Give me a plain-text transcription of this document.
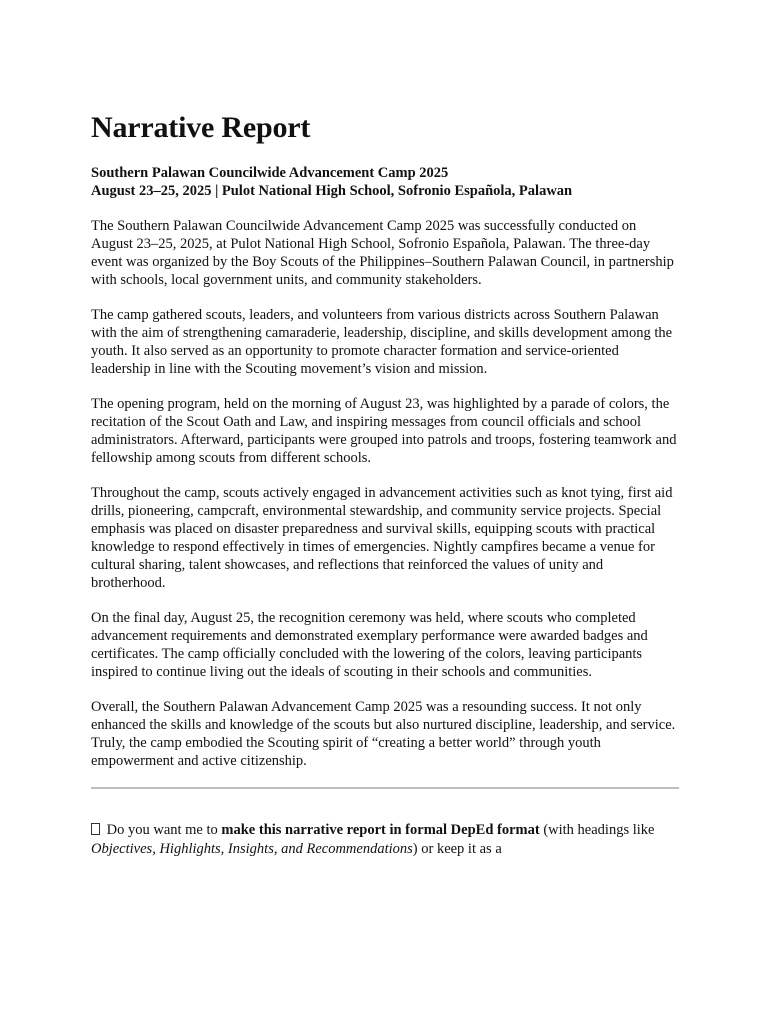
Narrative Report
Southern Palawan Councilwide Advancement Camp 2025
August 23–25, 2025 | Pulot National High School, Sofronio Española, Palawan

The Southern Palawan Councilwide Advancement Camp 2025 was successfully conducted on August 23–25, 2025, at Pulot National High School, Sofronio Española, Palawan. The three-day event was organized by the Boy Scouts of the Philippines–Southern Palawan Council, in partnership with schools, local government units, and community stakeholders.

The camp gathered scouts, leaders, and volunteers from various districts across Southern Palawan with the aim of strengthening camaraderie, leadership, discipline, and skills development among the youth. It also served as an opportunity to promote character formation and service-oriented leadership in line with the Scouting movement’s vision and mission.

The opening program, held on the morning of August 23, was highlighted by a parade of colors, the recitation of the Scout Oath and Law, and inspiring messages from council officials and school administrators. Afterward, participants were grouped into patrols and troops, fostering teamwork and fellowship among scouts from different schools.

Throughout the camp, scouts actively engaged in advancement activities such as knot tying, first aid drills, pioneering, campcraft, environmental stewardship, and community service projects. Special emphasis was placed on disaster preparedness and survival skills, equipping scouts with practical knowledge to respond effectively in times of emergencies. Nightly campfires became a venue for cultural sharing, talent showcases, and reflections that reinforced the values of unity and brotherhood.

On the final day, August 25, the recognition ceremony was held, where scouts who completed advancement requirements and demonstrated exemplary performance were awarded badges and certificates. The camp officially concluded with the lowering of the colors, leaving participants inspired to continue living out the ideals of scouting in their schools and communities.

Overall, the Southern Palawan Advancement Camp 2025 was a resounding success. It not only enhanced the skills and knowledge of the scouts but also nurtured discipline, leadership, and service. Truly, the camp embodied the Scouting spirit of “creating a better world” through youth empowerment and active citizenship.

Do you want me to make this narrative report in formal DepEd format (with headings like Objectives, Highlights, Insights, and Recommendations) or keep it as a
